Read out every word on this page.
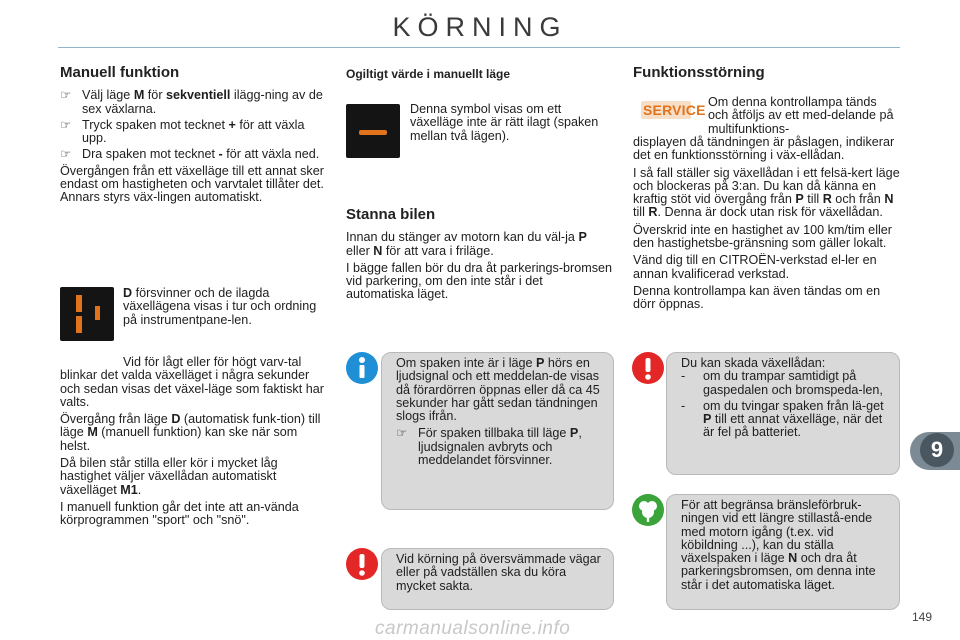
KÖRNING
Manuell funktion
☞ Välj läge M för sekventiell ilägg-ning av de sex växlarna.
☞ Tryck spaken mot tecknet + för att växla upp.
☞ Dra spaken mot tecknet - för att växla ned.

Övergången från ett växelläge till ett annat sker endast om hastigheten och varvtalet tillåter det. Annars styrs väx-lingen automatiskt.

D försvinner och de ilagda växellägena visas i tur och ordning på instrumentpane-len.

Vid för lågt eller för högt varv-tal blinkar det valda växelläget i några sekunder och sedan visas det växel-läge som faktiskt har valts.

Övergång från läge D (automatisk funk-tion) till läge M (manuell funktion) kan ske när som helst.

Då bilen står stilla eller kör i mycket låg hastighet väljer växellådan automatiskt växelläget M1.

I manuell funktion går det inte att an-vända körprogrammen "sport" och "snö".

Ogiltigt värde i manuellt läge

Denna symbol visas om ett växelläge inte är rätt ilagt (spaken mellan två lägen).

Stanna bilen

Innan du stänger av motorn kan du väl-ja P eller N för att vara i friläge.

I bägge fallen bör du dra åt parkerings-bromsen vid parkering, om den inte står i det automatiska läget.

Om spaken inte är i läge P hörs en ljudsignal och ett meddelan-de visas då förardörren öppnas eller då ca 45 sekunder har gått sedan tändningen slogs ifrån.

☞ För spaken tillbaka till läge P, ljudsignalen avbryts och meddelandet försvinner.

Vid körning på översvämmade vägar eller på vadställen ska du köra mycket sakta.

Funktionsstörning
SERVICE Om denna kontrollampa tänds och åtföljs av ett med-delande på multifunktions-

displayen då tändningen är påslagen, indikerar det en funktionsstörning i väx-ellådan.

I så fall ställer sig växellådan i ett felsä-kert läge och blockeras på 3:an. Du kan då känna en kraftig stöt vid övergång från P till R och från N till R. Denna är dock utan risk för växellådan.

Överskrid inte en hastighet av 100 km/tim eller den hastighetsbe-gränsning som gäller lokalt.

Vänd dig till en CITROËN-verkstad el-ler en annan kvalificerad verkstad.

Denna kontrollampa kan även tändas om en dörr öppnas.

Du kan skada växellådan:

-	om du trampar samtidigt på gaspedalen och bromspeda-len,
-	om du tvingar spaken från lä-get P till ett annat växelläge, när det är fel på batteriet.

För att begränsa bränsleförbruk-ningen vid ett längre stillastå-ende med motorn igång (t.ex. vid köbildning ...), kan du ställa växelspaken i läge N och dra åt parkeringsbromsen, om denna inte står i det automatiska läget.

9
149
carmanualsonline.info
